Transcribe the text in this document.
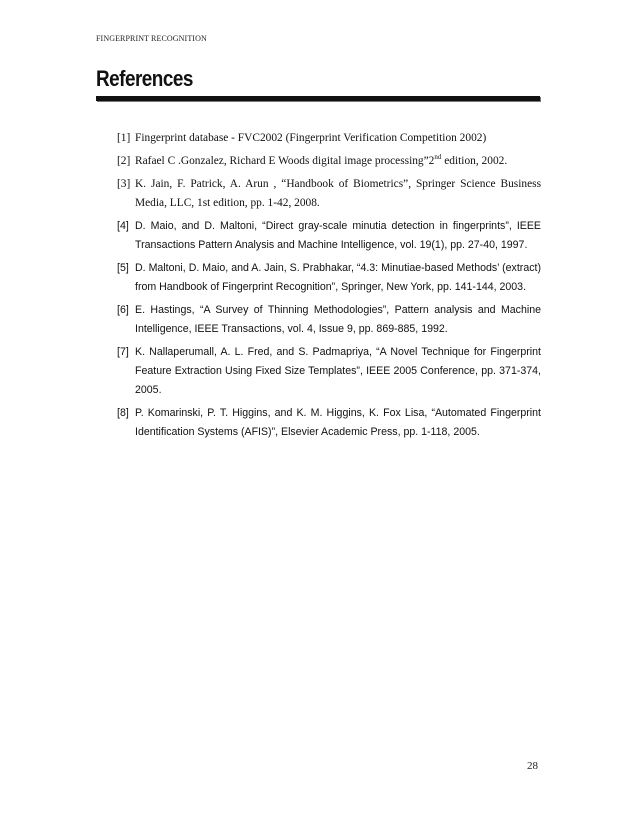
FINGERPRINT RECOGNITION
References
[1] Fingerprint database - FVC2002 (Fingerprint Verification Competition 2002)
[2] Rafael C .Gonzalez, Richard E Woods digital image processing”2nd edition, 2002.
[3] K. Jain, F. Patrick, A. Arun , “Handbook of Biometrics”, Springer Science Business Media, LLC, 1st edition, pp. 1-42, 2008.
[4] D. Maio, and D. Maltoni, “Direct gray-scale minutia detection in fingerprints”, IEEE Transactions Pattern Analysis and Machine Intelligence, vol. 19(1), pp. 27-40, 1997.
[5] D. Maltoni, D. Maio, and A. Jain, S. Prabhakar, “4.3: Minutiae-based Methods’ (extract) from Handbook of Fingerprint Recognition”, Springer, New York, pp. 141-144, 2003.
[6] E. Hastings, “A Survey of Thinning Methodologies”, Pattern analysis and Machine Intelligence, IEEE Transactions, vol. 4, Issue 9, pp. 869-885, 1992.
[7] K. Nallaperumall, A. L. Fred, and S. Padmapriya, “A Novel Technique for Fingerprint Feature Extraction Using Fixed Size Templates”, IEEE 2005 Conference, pp. 371-374, 2005.
[8] P. Komarinski, P. T. Higgins, and K. M. Higgins, K. Fox Lisa, “Automated Fingerprint Identification Systems (AFIS)”, Elsevier Academic Press, pp. 1-118, 2005.
28
